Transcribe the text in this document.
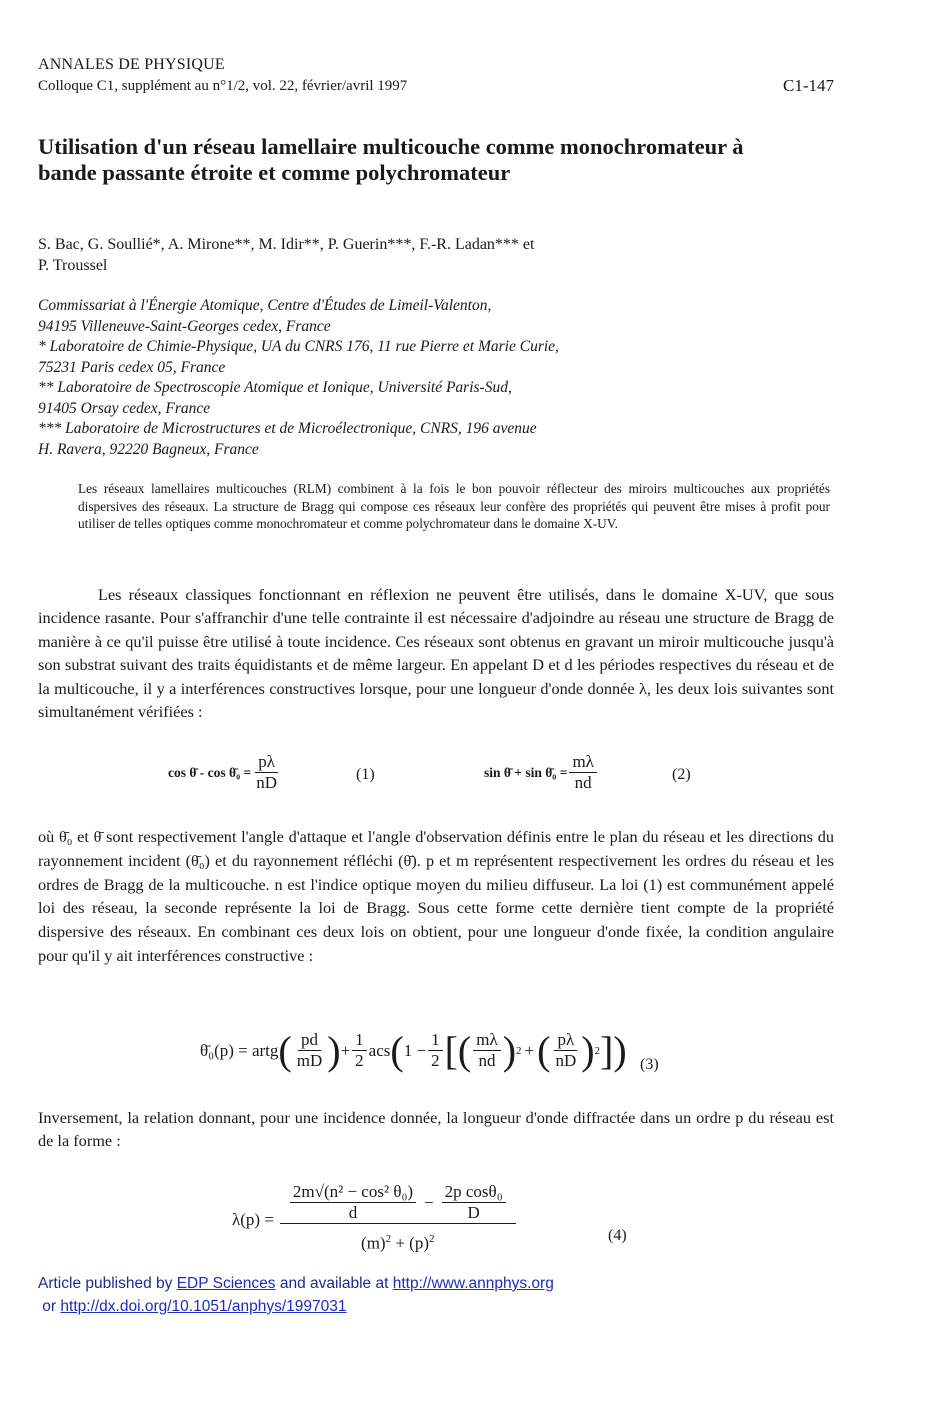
ANNALES DE PHYSIQUE
Colloque C1, supplément au n°1/2, vol. 22, février/avril 1997	C1-147
Utilisation d'un réseau lamellaire multicouche comme monochromateur à bande passante étroite et comme polychromateur
S. Bac, G. Soullié*, A. Mirone**, M. Idir**, P. Guerin***, F.-R. Ladan*** et
P. Troussel
Commissariat à l'Énergie Atomique, Centre d'Études de Limeil-Valenton,
94195 Villeneuve-Saint-Georges cedex, France
* Laboratoire de Chimie-Physique, UA du CNRS 176, 11 rue Pierre et Marie Curie,
75231 Paris cedex 05, France
** Laboratoire de Spectroscopie Atomique et Ionique, Université Paris-Sud,
91405 Orsay cedex, France
*** Laboratoire de Microstructures et de Microélectronique, CNRS, 196 avenue
H. Ravera, 92220 Bagneux, France
Les réseaux lamellaires multicouches (RLM) combinent à la fois le bon pouvoir réflecteur des miroirs multicouches aux propriétés dispersives des réseaux. La structure de Bragg qui compose ces réseaux leur confère des propriétés qui peuvent être mises à profit pour utiliser de telles optiques comme monochromateur et comme polychromateur dans le domaine X-UV.
Les réseaux classiques fonctionnant en réflexion ne peuvent être utilisés, dans le domaine X-UV, que sous incidence rasante. Pour s'affranchir d'une telle contrainte il est nécessaire d'adjoindre au réseau une structure de Bragg de manière à ce qu'il puisse être utilisé à toute incidence. Ces réseaux sont obtenus en gravant un miroir multicouche jusqu'à son substrat suivant des traits équidistants et de même largeur. En appelant D et d les périodes respectives du réseau et de la multicouche, il y a interférences constructives lorsque, pour une longueur d'onde donnée λ, les deux lois suivantes sont simultanément vérifiées :
cos θ̄ - cos θ̄₀ = $\frac{p\lambda}{nD}$	(1)	sin θ̄ + sin θ̄₀ = $\frac{m\lambda}{nd}$	(2)
où θ̄₀ et θ̄ sont respectivement l'angle d'attaque et l'angle d'observation définis entre le plan du réseau et les directions du rayonnement incident (θ̄₀) et du rayonnement réfléchi (θ̄). p et m représentent respectivement les ordres du réseau et les ordres de Bragg de la multicouche. n est l'indice optique moyen du milieu diffuseur. La loi (1) est communément appelé loi des réseau, la seconde représente la loi de Bragg. Sous cette forme cette dernière tient compte de la propriété dispersive des réseaux. En combinant ces deux lois on obtient, pour une longueur d'onde fixée, la condition angulaire pour qu'il y ait interférences constructive :
θ̄₀(p) = artg ( $\frac{pd}{mD}$ ) + $\frac{1}{2}$ acs ( $1 - \frac{1}{2}$ [ ( $\frac{m\lambda}{nd}$ ) 2 + ( $\frac{p\lambda}{nD}$ ) 2 ] ) (3)
Inversement, la relation donnant, pour une incidence donnée, la longueur d'onde diffractée dans un ordre p du réseau est de la forme :
$\lambda(p) = \frac{\text{2m√(n² − cos² θ₀)}}{d} - \frac{\text{2p cosθ₀}}{D}$
$(m)^2 + (p)^2$	(4)
Article published by EDP Sciences and available at http://www.annphys.org
or http://dx.doi.org/10.1051/anphys/1997031
